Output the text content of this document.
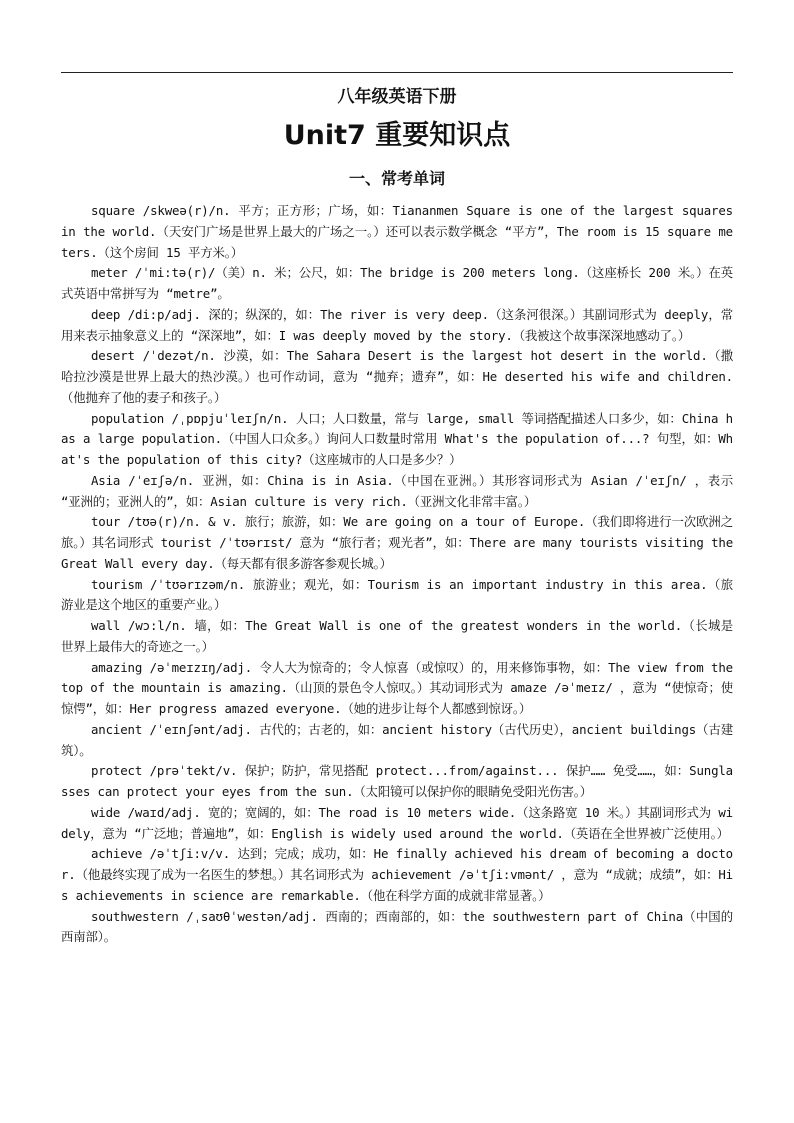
八年级英语下册
Unit7 重要知识点
一、常考单词

square /skweə(r)/n. 平方；正方形；广场，如：Tiananmen Square is one of the largest squares in the world.（天安门广场是世界上最大的广场之一。）还可以表示数学概念 “平方”，The room is 15 square meters.（这个房间 15 平方米。）

meter /ˈmi:tə(r)/（美）n. 米；公尺，如：The bridge is 200 meters long.（这座桥长 200 米。）在英式英语中常拼写为 “metre”。

deep /di:p/adj. 深的；纵深的，如：The river is very deep.（这条河很深。）其副词形式为 deeply，常用来表示抽象意义上的 “深深地”，如：I was deeply moved by the story.（我被这个故事深深地感动了。）

desert /ˈdezət/n. 沙漠，如：The Sahara Desert is the largest hot desert in the world.（撒哈拉沙漠是世界上最大的热沙漠。）也可作动词，意为 “抛弃；遗弃”，如：He deserted his wife and children.（他抛弃了他的妻子和孩子。）

population /ˌpɒpjuˈleɪʃn/n. 人口；人口数量，常与 large, small 等词搭配描述人口多少，如：China has a large population.（中国人口众多。）询问人口数量时常用 What's the population of...? 句型，如：What's the population of this city?（这座城市的人口是多少？）

Asia /ˈeɪʃə/n. 亚洲，如：China is in Asia.（中国在亚洲。）其形容词形式为 Asian /ˈeɪʃn/ ，表示 “亚洲的；亚洲人的”，如：Asian culture is very rich.（亚洲文化非常丰富。）

tour /tʊə(r)/n. & v. 旅行；旅游，如：We are going on a tour of Europe.（我们即将进行一次欧洲之旅。）其名词形式 tourist /ˈtʊərɪst/ 意为 “旅行者；观光者”，如：There are many tourists visiting the Great Wall every day.（每天都有很多游客参观长城。）

tourism /ˈtʊərɪzəm/n. 旅游业；观光，如：Tourism is an important industry in this area.（旅游业是这个地区的重要产业。）

wall /wɔ:l/n. 墙，如：The Great Wall is one of the greatest wonders in the world.（长城是世界上最伟大的奇迹之一。）

amazing /əˈmeɪzɪŋ/adj. 令人大为惊奇的；令人惊喜（或惊叹）的，用来修饰事物，如：The view from the top of the mountain is amazing.（山顶的景色令人惊叹。）其动词形式为 amaze /əˈmeɪz/ ，意为 “使惊奇；使惊愕”，如：Her progress amazed everyone.（她的进步让每个人都感到惊讶。）

ancient /ˈeɪnʃənt/adj. 古代的；古老的，如：ancient history（古代历史），ancient buildings（古建筑）。

protect /prəˈtekt/v. 保护；防护，常见搭配 protect...from/against... 保护…… 免受……，如：Sunglasses can protect your eyes from the sun.（太阳镜可以保护你的眼睛免受阳光伤害。）

wide /waɪd/adj. 宽的；宽阔的，如：The road is 10 meters wide.（这条路宽 10 米。）其副词形式为 widely，意为 “广泛地；普遍地”，如：English is widely used around the world.（英语在全世界被广泛使用。）

achieve /əˈtʃi:v/v. 达到；完成；成功，如：He finally achieved his dream of becoming a doctor.（他最终实现了成为一名医生的梦想。）其名词形式为 achievement /əˈtʃi:vmənt/ ，意为 “成就；成绩”，如：His achievements in science are remarkable.（他在科学方面的成就非常显著。）

southwestern /ˌsaʊθˈwestən/adj. 西南的；西南部的，如：the southwestern part of China（中国的西南部）。
